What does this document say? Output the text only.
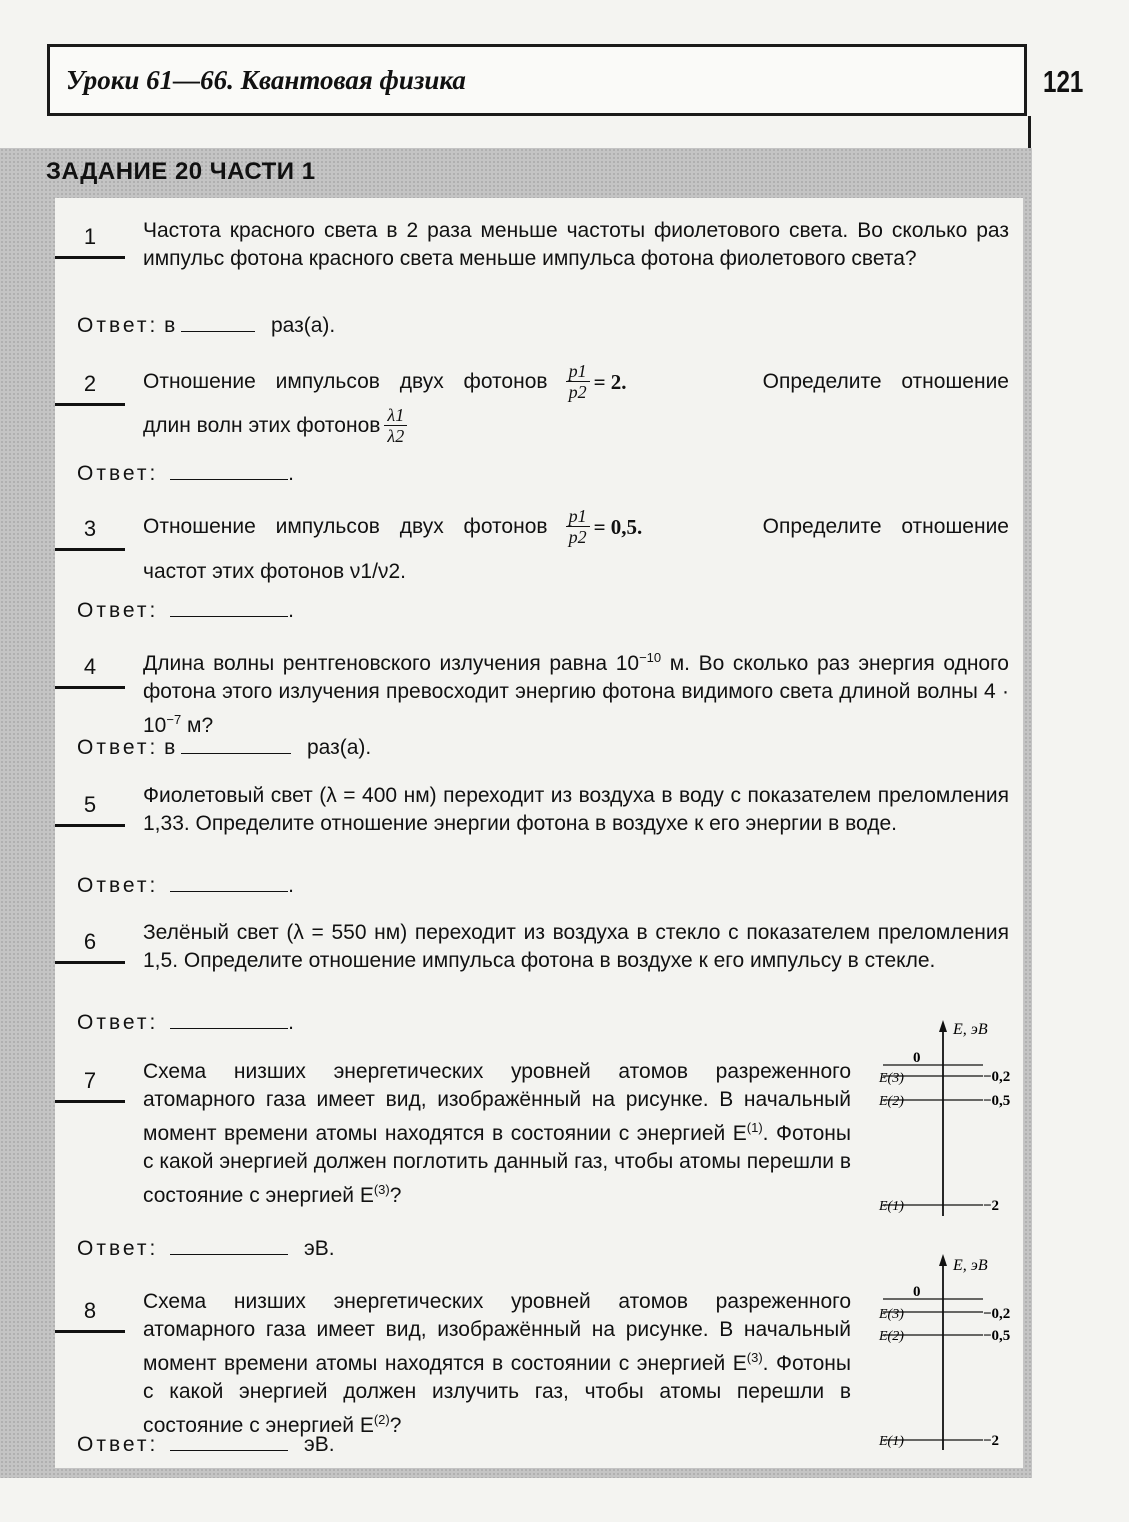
Уроки 61—66. Квантовая физика	121
ЗАДАНИЕ 20 ЧАСТИ 1
1	Частота красного света в 2 раза меньше частоты фиолетового света. Во сколько раз импульс фотона красного света меньше импульса фотона фиолетового света?
Ответ: в	раз(а).
2	Отношение импульсов двух фотонов $\frac{p1}{p2} = 2$.	Определите отношение
длин волн этих фотонов $\frac{\lambda 1}{\lambda 2}$
Ответ:	.
3	Отношение импульсов двух фотонов $\frac{p1}{p2} = 0,5$.	Определите отношение
частот этих фотонов ν1/ν2.
Ответ:	.
4	Длина волны рентгеновского излучения равна $10^{-10}$ м. Во сколько раз энергия одного фотона этого излучения превосходит энергию фотона видимого света длиной волны $4 \cdot 10^{-7}$ м?
Ответ: в	раз(а).
5	Фиолетовый свет (λ = 400 нм) переходит из воздуха в воду с показателем преломления 1,33. Определите отношение энергии фотона в воздухе к его энергии в воде.
Ответ:	.
6	Зелёный свет (λ = 550 нм) переходит из воздуха в стекло с показателем преломления 1,5. Определите отношение импульса фотона в воздухе к его импульсу в стекле.
Ответ:	.
7	Схема низших энергетических уровней атомов разреженного атомарного газа имеет вид, изображённый на рисунке. В начальный момент времени атомы находятся в состоянии с энергией $E^{(1)}$. Фотоны с какой энергией должен поглотить данный газ, чтобы атомы перешли в состояние с энергией $E^{(3)}$?
Ответ:	эВ.
8	Схема низших энергетических уровней атомов разреженного атомарного газа имеет вид, изображённый на рисунке. В начальный момент времени атомы находятся в состоянии с энергией $E^{(3)}$. Фотоны с какой энергией должен излучить газ, чтобы атомы перешли в состояние с энергией $E^{(2)}$?
Ответ:	эВ.
E, эВ
0
E(3)	−0,2
E(2)	−0,5
E(1)	−2
E, эВ
0
E(3)	−0,2
E(2)	−0,5
E(1)	−2
